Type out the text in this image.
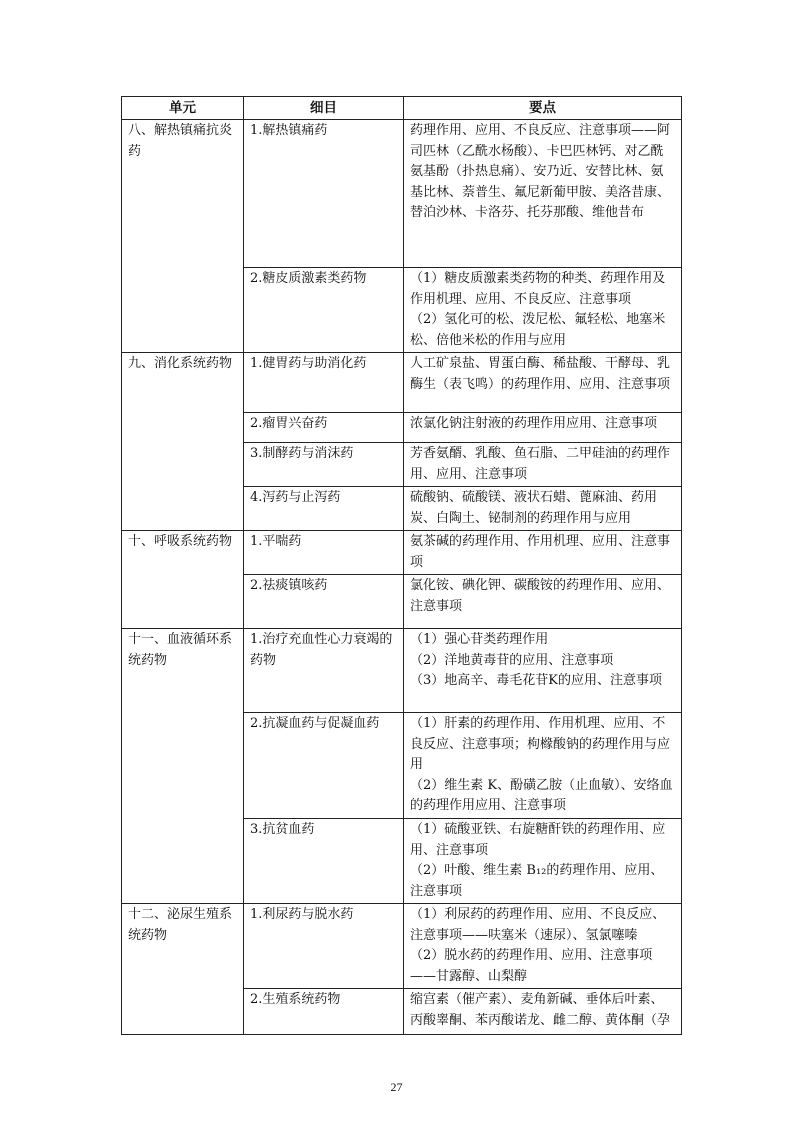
单元	细目	要点
八、解热镇痛抗炎药	1.解热镇痛药	药理作用、应用、不良反应、注意事项——阿司匹林（乙酰水杨酸）、卡巴匹林钙、对乙酰氨基酚（扑热息痛）、安乃近、安替比林、氨基比林、萘普生、氟尼新葡甲胺、美洛昔康、替泊沙林、卡洛芬、托芬那酸、维他昔布

	2.糖皮质激素类药物	（1）糖皮质激素类药物的种类、药理作用及作用机理、应用、不良反应、注意事项
（2）氢化可的松、泼尼松、氟轻松、地塞米松、倍他米松的作用与应用

九、消化系统药物	1.健胃药与助消化药	人工矿泉盐、胃蛋白酶、稀盐酸、干酵母、乳酶生（表飞鸣）的药理作用、应用、注意事项

	2.瘤胃兴奋药	浓氯化钠注射液的药理作用应用、注意事项

	3.制酵药与消沫药	芳香氨醑、乳酸、鱼石脂、二甲硅油的药理作用、应用、注意事项

	4.泻药与止泻药	硫酸钠、硫酸镁、液状石蜡、蓖麻油、药用炭、白陶土、铋制剂的药理作用与应用

十、呼吸系统药物	1.平喘药	氨茶碱的药理作用、作用机理、应用、注意事项

	2.祛痰镇咳药	氯化铵、碘化钾、碳酸铵的药理作用、应用、注意事项

十一、血液循环系统药物	1.治疗充血性心力衰竭的药物	（1）强心苷类药理作用
（2）洋地黄毒苷的应用、注意事项
（3）地高辛、毒毛花苷K的应用、注意事项

	2.抗凝血药与促凝血药	（1）肝素的药理作用、作用机理、应用、不良反应、注意事项；枸橼酸钠的药理作用与应用
（2）维生素 K、酚磺乙胺（止血敏）、安络血的药理作用应用、注意事项

	3.抗贫血药	（1）硫酸亚铁、右旋糖酐铁的药理作用、应用、注意事项
（2）叶酸、维生素 B₁₂的药理作用、应用、注意事项

十二、泌尿生殖系统药物	1.利尿药与脱水药	（1）利尿药的药理作用、应用、不良反应、注意事项——呋塞米（速尿）、氢氯噻嗪
（2）脱水药的药理作用、应用、注意事项——甘露醇、山梨醇

	2.生殖系统药物	缩宫素（催产素）、麦角新碱、垂体后叶素、丙酸睾酮、苯丙酸诺龙、雌二醇、黄体酮（孕
27
